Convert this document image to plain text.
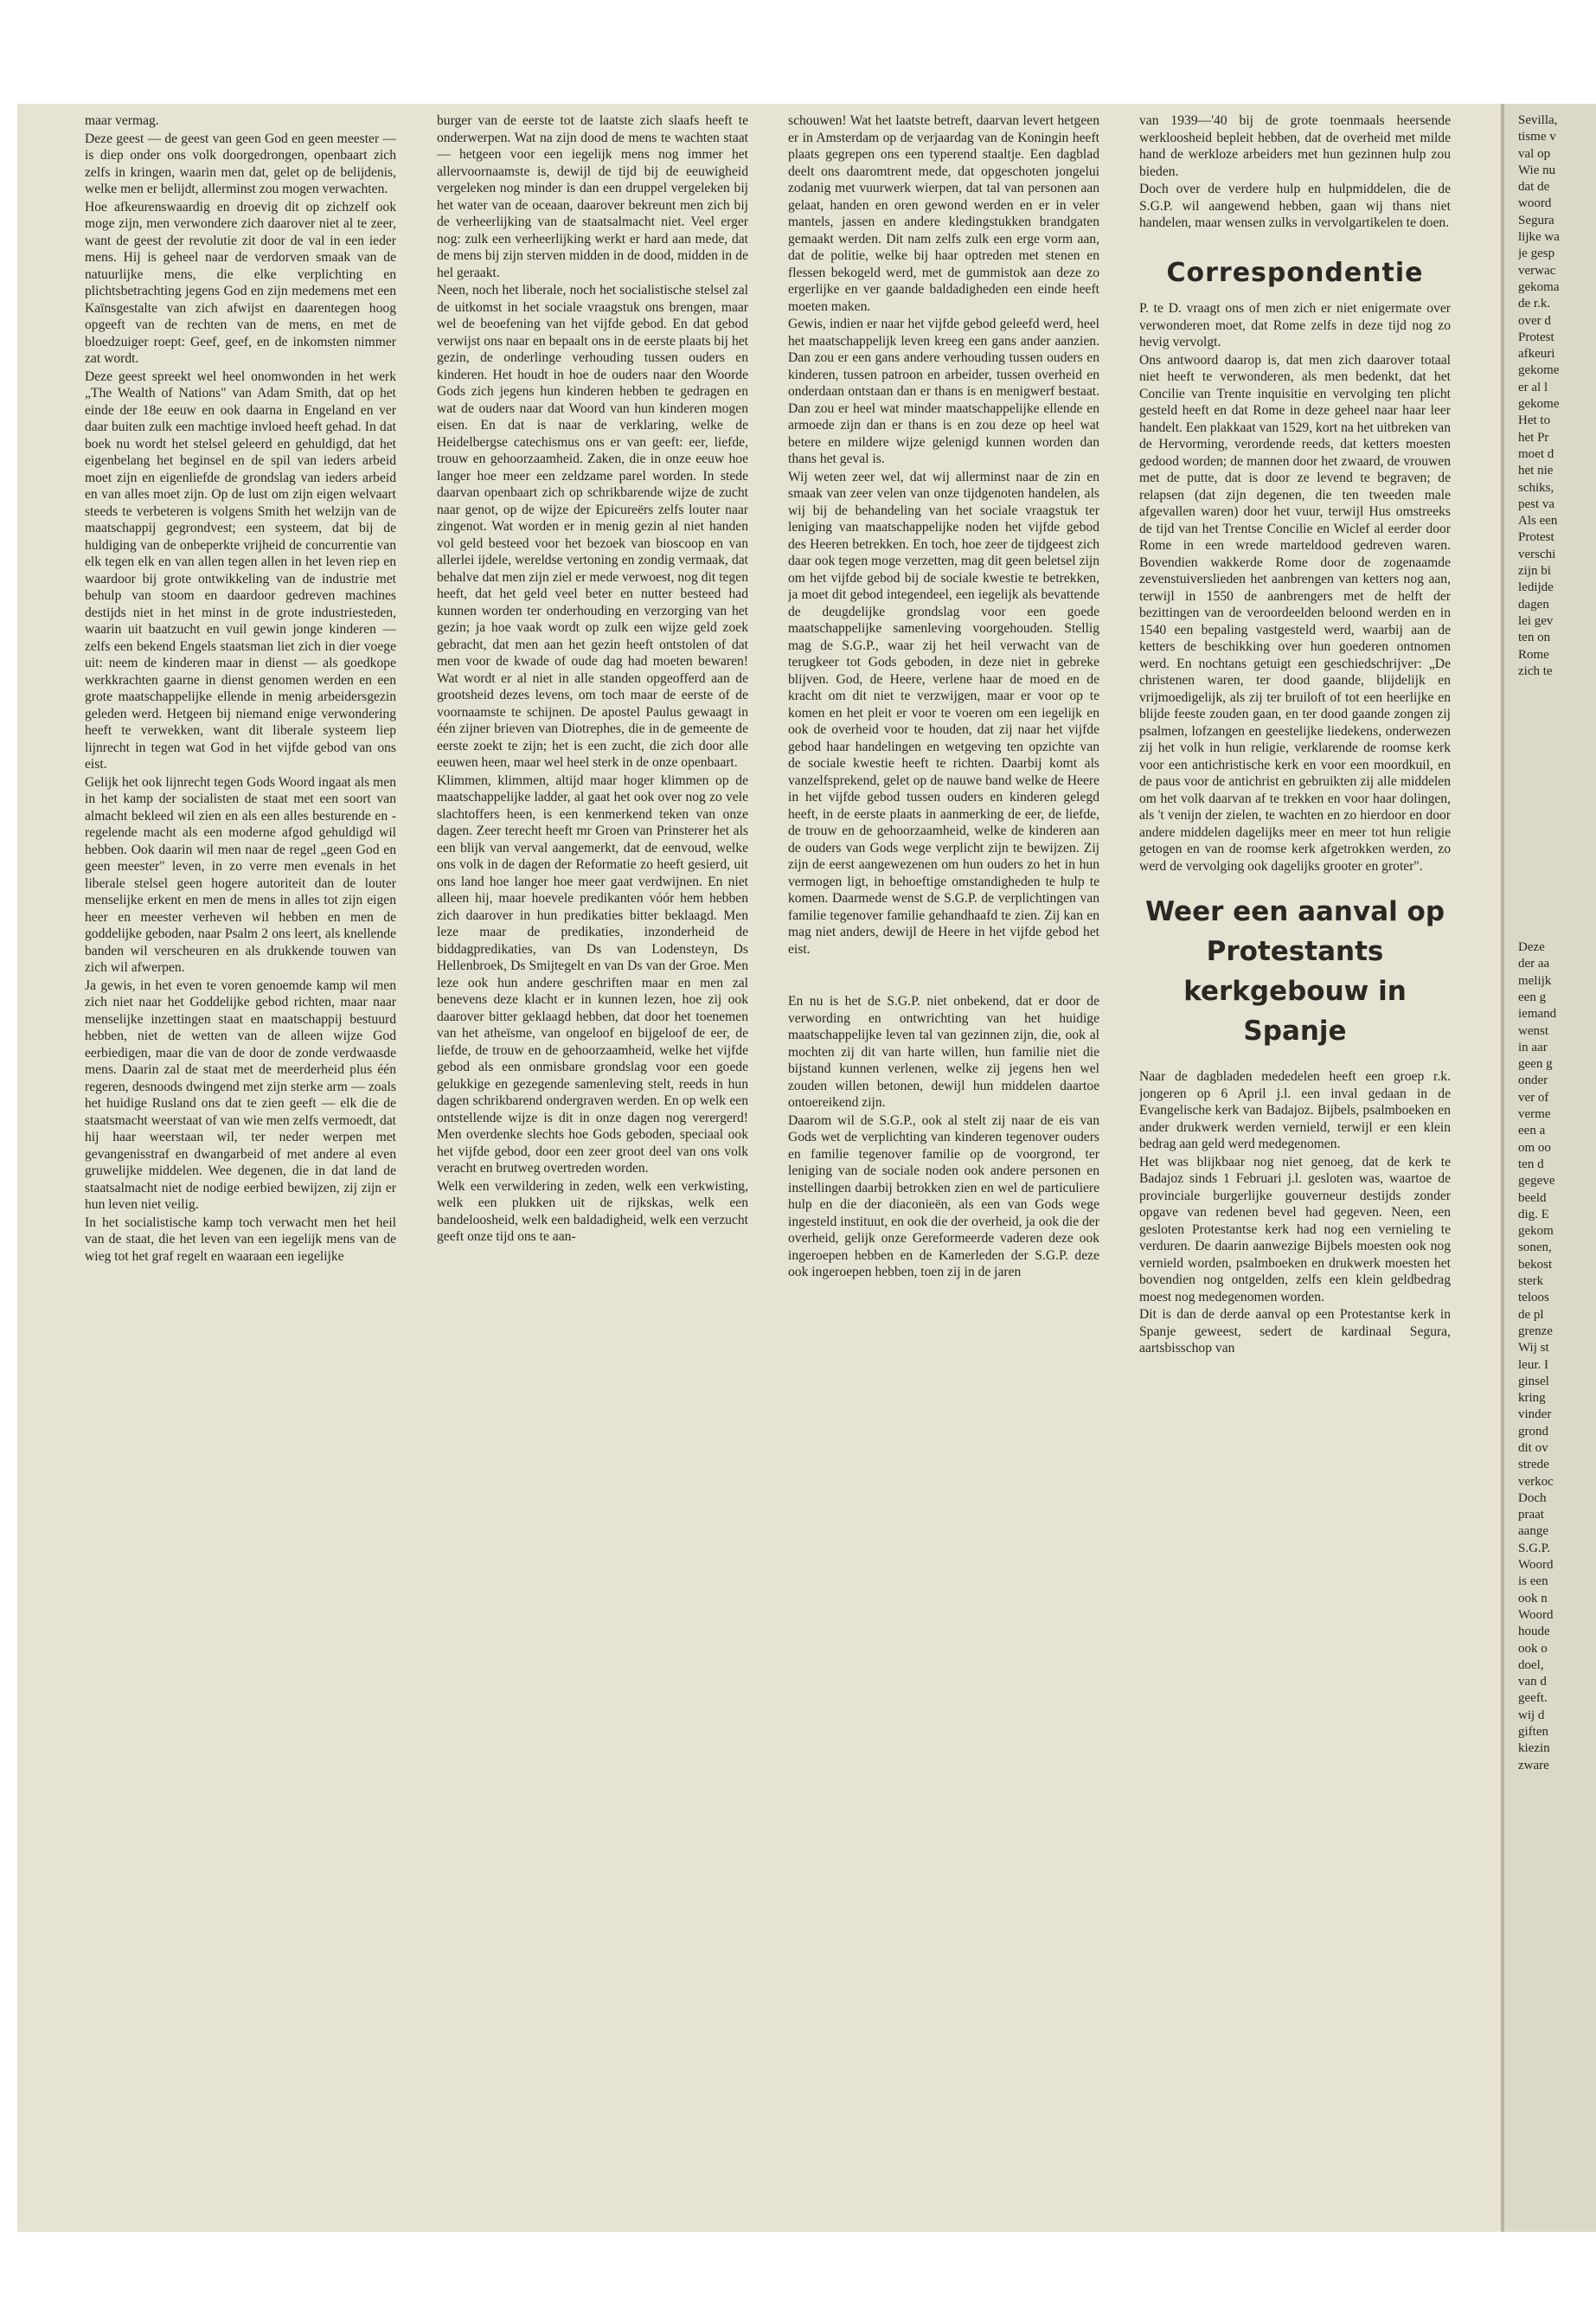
maar vermag.

Deze geest — de geest van geen God en geen meester — is diep onder ons volk doorgedrongen, openbaart zich zelfs in kringen, waarin men dat, gelet op de belijdenis, welke men er belijdt, allerminst zou mogen verwachten.

Hoe afkeurenswaardig en droevig dit op zichzelf ook moge zijn, men verwondere zich daarover niet al te zeer, want de geest der revolutie zit door de val in een ieder mens. Hij is geheel naar de verdorven smaak van de natuurlijke mens, die elke verplichting en plichtsbetrachting jegens God en zijn medemens met een Kaïnsgestalte van zich afwijst en daarentegen hoog opgeeft van de rechten van de mens, en met de bloedzuiger roept: Geef, geef, en de inkomsten nimmer zat wordt.

Deze geest spreekt wel heel onomwonden in het werk „The Wealth of Nations" van Adam Smith, dat op het einde der 18e eeuw en ook daarna in Engeland en ver daar buiten zulk een machtige invloed heeft gehad. In dat boek nu wordt het stelsel geleerd en gehuldigd, dat het eigenbelang het beginsel en de spil van ieders arbeid moet zijn en eigenliefde de grondslag van ieders arbeid en van alles moet zijn. Op de lust om zijn eigen welvaart steeds te verbeteren is volgens Smith het welzijn van de maatschappij gegrondvest; een systeem, dat bij de huldiging van de onbeperkte vrijheid de concurrentie van elk tegen elk en van allen tegen allen in het leven riep en waardoor bij grote ontwikkeling van de industrie met behulp van stoom en daardoor gedreven machines destijds niet in het minst in de grote industriesteden, waarin uit baatzucht en vuil gewin jonge kinderen — zelfs een bekend Engels staatsman liet zich in dier voege uit: neem de kinderen maar in dienst — als goedkope werkkrachten gaarne in dienst genomen werden en een grote maatschappelijke ellende in menig arbeidersgezin geleden werd. Hetgeen bij niemand enige verwondering heeft te verwekken, want dit liberale systeem liep lijnrecht in tegen wat God in het vijfde gebod van ons eist.

Gelijk het ook lijnrecht tegen Gods Woord ingaat als men in het kamp der socialisten de staat met een soort van almacht bekleed wil zien en als een alles besturende en -regelende macht als een moderne afgod gehuldigd wil hebben. Ook daarin wil men naar de regel „geen God en geen meester" leven, in zo verre men evenals in het liberale stelsel geen hogere autoriteit dan de louter menselijke erkent en men de mens in alles tot zijn eigen heer en meester verheven wil hebben en men de goddelijke geboden, naar Psalm 2 ons leert, als knellende banden wil verscheuren en als drukkende touwen van zich wil afwerpen.

Ja gewis, in het even te voren genoemde kamp wil men zich niet naar het Goddelijke gebod richten, maar naar menselijke inzettingen staat en maatschappij bestuurd hebben, niet de wetten van de alleen wijze God eerbiedigen, maar die van de door de zonde verdwaasde mens. Daarin zal de staat met de meerderheid plus één regeren, desnoods dwingend met zijn sterke arm — zoals het huidige Rusland ons dat te zien geeft — elk die de staatsmacht weerstaat of van wie men zelfs vermoedt, dat hij haar weerstaan wil, ter neder werpen met gevangenisstraf en dwangarbeid of met andere al even gruwelijke middelen. Wee degenen, die in dat land de staatsalmacht niet de nodige eerbied bewijzen, zij zijn er hun leven niet veilig.

In het socialistische kamp toch verwacht men het heil van de staat, die het leven van een iegelijk mens van de wieg tot het graf regelt en waaraan een iegelijke

burger van de eerste tot de laatste zich slaafs heeft te onderwerpen. Wat na zijn dood de mens te wachten staat — hetgeen voor een iegelijk mens nog immer het allervoornaamste is, dewijl de tijd bij de eeuwigheid vergeleken nog minder is dan een druppel vergeleken bij het water van de oceaan, daarover bekreunt men zich bij de verheerlijking van de staatsalmacht niet. Veel erger nog: zulk een verheerlijking werkt er hard aan mede, dat de mens bij zijn sterven midden in de dood, midden in de hel geraakt.

Neen, noch het liberale, noch het socialistische stelsel zal de uitkomst in het sociale vraagstuk ons brengen, maar wel de beoefening van het vijfde gebod. En dat gebod verwijst ons naar en bepaalt ons in de eerste plaats bij het gezin, de onderlinge verhouding tussen ouders en kinderen. Het houdt in hoe de ouders naar den Woorde Gods zich jegens hun kinderen hebben te gedragen en wat de ouders naar dat Woord van hun kinderen mogen eisen. En dat is naar de verklaring, welke de Heidelbergse catechismus ons er van geeft: eer, liefde, trouw en gehoorzaamheid. Zaken, die in onze eeuw hoe langer hoe meer een zeldzame parel worden. In stede daarvan openbaart zich op schrikbarende wijze de zucht naar genot, op de wijze der Epicureërs zelfs louter naar zingenot. Wat worden er in menig gezin al niet handen vol geld besteed voor het bezoek van bioscoop en van allerlei ijdele, wereldse vertoning en zondig vermaak, dat behalve dat men zijn ziel er mede verwoest, nog dit tegen heeft, dat het geld veel beter en nutter besteed had kunnen worden ter onderhouding en verzorging van het gezin; ja hoe vaak wordt op zulk een wijze geld zoek gebracht, dat men aan het gezin heeft ontstolen of dat men voor de kwade of oude dag had moeten bewaren! Wat wordt er al niet in alle standen opgeofferd aan de grootsheid dezes levens, om toch maar de eerste of de voornaamste te schijnen. De apostel Paulus gewaagt in één zijner brieven van Diotrephes, die in de gemeente de eerste zoekt te zijn; het is een zucht, die zich door alle eeuwen heen, maar wel heel sterk in de onze openbaart.

Klimmen, klimmen, altijd maar hoger klimmen op de maatschappelijke ladder, al gaat het ook over nog zo vele slachtoffers heen, is een kenmerkend teken van onze dagen. Zeer terecht heeft mr Groen van Prinsterer het als een blijk van verval aangemerkt, dat de eenvoud, welke ons volk in de dagen der Reformatie zo heeft gesierd, uit ons land hoe langer hoe meer gaat verdwijnen. En niet alleen hij, maar hoevele predikanten vóór hem hebben zich daarover in hun predikaties bitter beklaagd. Men leze maar de predikaties, inzonderheid de biddagpredikaties, van Ds van Lodensteyn, Ds Hellenbroek, Ds Smijtegelt en van Ds van der Groe. Men leze ook hun andere geschriften maar en men zal benevens deze klacht er in kunnen lezen, hoe zij ook daarover bitter geklaagd hebben, dat door het toenemen van het atheïsme, van ongeloof en bijgeloof de eer, de liefde, de trouw en de gehoorzaamheid, welke het vijfde gebod als een onmisbare grondslag voor een goede gelukkige en gezegende samenleving stelt, reeds in hun dagen schrikbarend ondergraven werden. En op welk een ontstellende wijze is dit in onze dagen nog verergerd! Men overdenke slechts hoe Gods geboden, speciaal ook het vijfde gebod, door een zeer groot deel van ons volk veracht en brutweg overtreden worden.

Welk een verwildering in zeden, welk een verkwisting, welk een plukken uit de rijkskas, welk een bandeloosheid, welk een baldadigheid, welk een verzucht geeft onze tijd ons te aan-

schouwen! Wat het laatste betreft, daarvan levert hetgeen er in Amsterdam op de verjaardag van de Koningin heeft plaats gegrepen ons een typerend staaltje. Een dagblad deelt ons daaromtrent mede, dat opgeschoten jongelui zodanig met vuurwerk wierpen, dat tal van personen aan gelaat, handen en oren gewond werden en er in veler mantels, jassen en andere kledingstukken brandgaten gemaakt werden. Dit nam zelfs zulk een erge vorm aan, dat de politie, welke bij haar optreden met stenen en flessen bekogeld werd, met de gummistok aan deze zo ergerlijke en ver gaande baldadigheden een einde heeft moeten maken.

Gewis, indien er naar het vijfde gebod geleefd werd, heel het maatschappelijk leven kreeg een gans ander aanzien. Dan zou er een gans andere verhouding tussen ouders en kinderen, tussen patroon en arbeider, tussen overheid en onderdaan ontstaan dan er thans is en menigwerf bestaat. Dan zou er heel wat minder maatschappelijke ellende en armoede zijn dan er thans is en zou deze op heel wat betere en mildere wijze gelenigd kunnen worden dan thans het geval is.

Wij weten zeer wel, dat wij allerminst naar de zin en smaak van zeer velen van onze tijdgenoten handelen, als wij bij de behandeling van het sociale vraagstuk ter leniging van maatschappelijke noden het vijfde gebod des Heeren betrekken. En toch, hoe zeer de tijdgeest zich daar ook tegen moge verzetten, mag dit geen beletsel zijn om het vijfde gebod bij de sociale kwestie te betrekken, ja moet dit gebod integendeel, een iegelijk als bevattende de deugdelijke grondslag voor een goede maatschappelijke samenleving voorgehouden. Stellig mag de S.G.P., waar zij het heil verwacht van de terugkeer tot Gods geboden, in deze niet in gebreke blijven. God, de Heere, verlene haar de moed en de kracht om dit niet te verzwijgen, maar er voor op te komen en het pleit er voor te voeren om een iegelijk en ook de overheid voor te houden, dat zij naar het vijfde gebod haar handelingen en wetgeving ten opzichte van de sociale kwestie heeft te richten. Daarbij komt als vanzelfsprekend, gelet op de nauwe band welke de Heere in het vijfde gebod tussen ouders en kinderen gelegd heeft, in de eerste plaats in aanmerking de eer, de liefde, de trouw en de gehoorzaamheid, welke de kinderen aan de ouders van Gods wege verplicht zijn te bewijzen. Zij zijn de eerst aangewezenen om hun ouders zo het in hun vermogen ligt, in behoeftige omstandigheden te hulp te komen. Daarmede wenst de S.G.P. de verplichtingen van familie tegenover familie gehandhaafd te zien. Zij kan en mag niet anders, dewijl de Heere in het vijfde gebod het eist.

En nu is het de S.G.P. niet onbekend, dat er door de verwording en ontwrichting van het huidige maatschappelijke leven tal van gezinnen zijn, die, ook al mochten zij dit van harte willen, hun familie niet die bijstand kunnen verlenen, welke zij jegens hen wel zouden willen betonen, dewijl hun middelen daartoe ontoereikend zijn.

Daarom wil de S.G.P., ook al stelt zij naar de eis van Gods wet de verplichting van kinderen tegenover ouders en familie tegenover familie op de voorgrond, ter leniging van de sociale noden ook andere personen en instellingen daarbij betrokken zien en wel de particuliere hulp en die der diaconieën, als een van Gods wege ingesteld instituut, en ook die der overheid, ja ook die der overheid, gelijk onze Gereformeerde vaderen deze ook ingeroepen hebben en de Kamerleden der S.G.P. deze ook ingeroepen hebben, toen zij in de jaren

van 1939—'40 bij de grote toenmaals heersende werkloosheid bepleit hebben, dat de overheid met milde hand de werkloze arbeiders met hun gezinnen hulp zou bieden.

Doch over de verdere hulp en hulpmiddelen, die de S.G.P. wil aangewend hebben, gaan wij thans niet handelen, maar wensen zulks in vervolgartikelen te doen.

Correspondentie

P. te D. vraagt ons of men zich er niet enigermate over verwonderen moet, dat Rome zelfs in deze tijd nog zo hevig vervolgt.

Ons antwoord daarop is, dat men zich daarover totaal niet heeft te verwonderen, als men bedenkt, dat het Concilie van Trente inquisitie en vervolging ten plicht gesteld heeft en dat Rome in deze geheel naar haar leer handelt. Een plakkaat van 1529, kort na het uitbreken van de Hervorming, verordende reeds, dat ketters moesten gedood worden; de mannen door het zwaard, de vrouwen met de putte, dat is door ze levend te begraven; de relapsen (dat zijn degenen, die ten tweeden male afgevallen waren) door het vuur, terwijl Hus omstreeks de tijd van het Trentse Concilie en Wiclef al eerder door Rome in een wrede marteldood gedreven waren. Bovendien wakkerde Rome door de zogenaamde zevenstuiverslieden het aanbrengen van ketters nog aan, terwijl in 1550 de aanbrengers met de helft der bezittingen van de veroordeelden beloond werden en in 1540 een bepaling vastgesteld werd, waarbij aan de ketters de beschikking over hun goederen ontnomen werd. En nochtans getuigt een geschiedschrijver: „De christenen waren, ter dood gaande, blijdelijk en vrijmoedigelijk, als zij ter bruiloft of tot een heerlijke en blijde feeste zouden gaan, en ter dood gaande zongen zij psalmen, lofzangen en geestelijke liedekens, onderwezen zij het volk in hun religie, verklarende de roomse kerk voor een antichristische kerk en voor een moordkuil, en de paus voor de antichrist en gebruikten zij alle middelen om het volk daarvan af te trekken en voor haar dolingen, als 't venijn der zielen, te wachten en zo hierdoor en door andere middelen dagelijks meer en meer tot hun religie getogen en van de roomse kerk afgetrokken werden, zo werd de vervolging ook dagelijks grooter en groter".

Weer een aanval op Protestants kerkgebouw in Spanje

Naar de dagbladen mededelen heeft een groep r.k. jongeren op 6 April j.l. een inval gedaan in de Evangelische kerk van Badajoz. Bijbels, psalmboeken en ander drukwerk werden vernield, terwijl er een klein bedrag aan geld werd medegenomen.

Het was blijkbaar nog niet genoeg, dat de kerk te Badajoz sinds 1 Februari j.l. gesloten was, waartoe de provinciale burgerlijke gouverneur destijds zonder opgave van redenen bevel had gegeven. Neen, een gesloten Protestantse kerk had nog een vernieling te verduren. De daarin aanwezige Bijbels moesten ook nog vernield worden, psalmboeken en drukwerk moesten het bovendien nog ontgelden, zelfs een klein geldbedrag moest nog medegenomen worden.

Dit is dan de derde aanval op een Protestantse kerk in Spanje geweest, sedert de kardinaal Segura, aartsbisschop van

Sevilla,

tisme v

val op

Wie nu

dat de

woord

Segura

lijke wa

je gesp

verwac

gekoma

de r.k.

over d

Protest

afkeuri

gekome

er al l

gekome

Het to

het Pr

moet d

het nie

schiks,

pest va

Als een

Protest

verschi

zijn bi

ledijde

dagen

lei gev

ten on

Rome

zich te

Deze

der aa

melijk

een g

iemand

wenst

in aar

geen g

onder

ver of

verme

een a

om oo

ten d

gegeve

beeld

dig. E

gekom

sonen,

bekost

sterk

teloos

de pl

grenze

Wij st

leur. I

ginsel

kring

vinder

grond

dit ov

strede

verkoc

Doch

praat

aange

S.G.P.

Woord

is een

ook n

Woord

houde

ook o

doel,

van d

geeft.

wij d

giften

kiezin

zware
